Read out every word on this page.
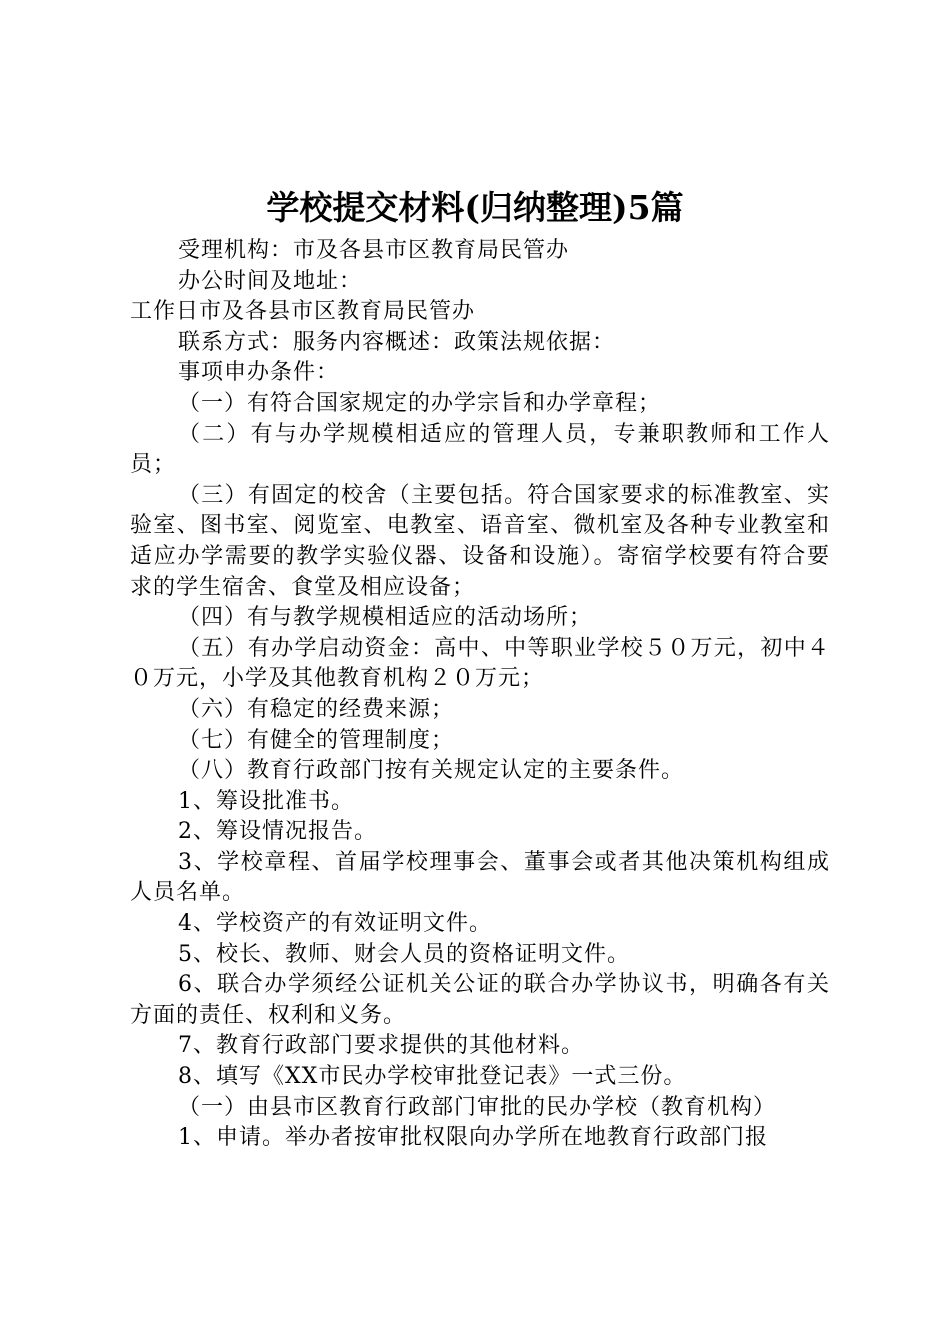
学校提交材料(归纳整理)5篇

受理机构：市及各县市区教育局民管办

办公时间及地址：

工作日市及各县市区教育局民管办

联系方式：服务内容概述：政策法规依据：

事项申办条件：

（一）有符合国家规定的办学宗旨和办学章程；

（二）有与办学规模相适应的管理人员，专兼职教师和工作人员；

（三）有固定的校舍（主要包括。符合国家要求的标准教室、实验室、图书室、阅览室、电教室、语音室、微机室及各种专业教室和适应办学需要的教学实验仪器、设备和设施）。寄宿学校要有符合要求的学生宿舍、食堂及相应设备；

（四）有与教学规模相适应的活动场所；

（五）有办学启动资金：高中、中等职业学校５０万元，初中４０万元，小学及其他教育机构２０万元；

（六）有稳定的经费来源；

（七）有健全的管理制度；

（八）教育行政部门按有关规定认定的主要条件。

1、筹设批准书。

2、筹设情况报告。

3、学校章程、首届学校理事会、董事会或者其他决策机构组成人员名单。

4、学校资产的有效证明文件。

5、校长、教师、财会人员的资格证明文件。

6、联合办学须经公证机关公证的联合办学协议书，明确各有关方面的责任、权利和义务。

7、教育行政部门要求提供的其他材料。

8、填写《XX市民办学校审批登记表》一式三份。

（一）由县市区教育行政部门审批的民办学校（教育机构）

1、申请。举办者按审批权限向办学所在地教育行政部门报
